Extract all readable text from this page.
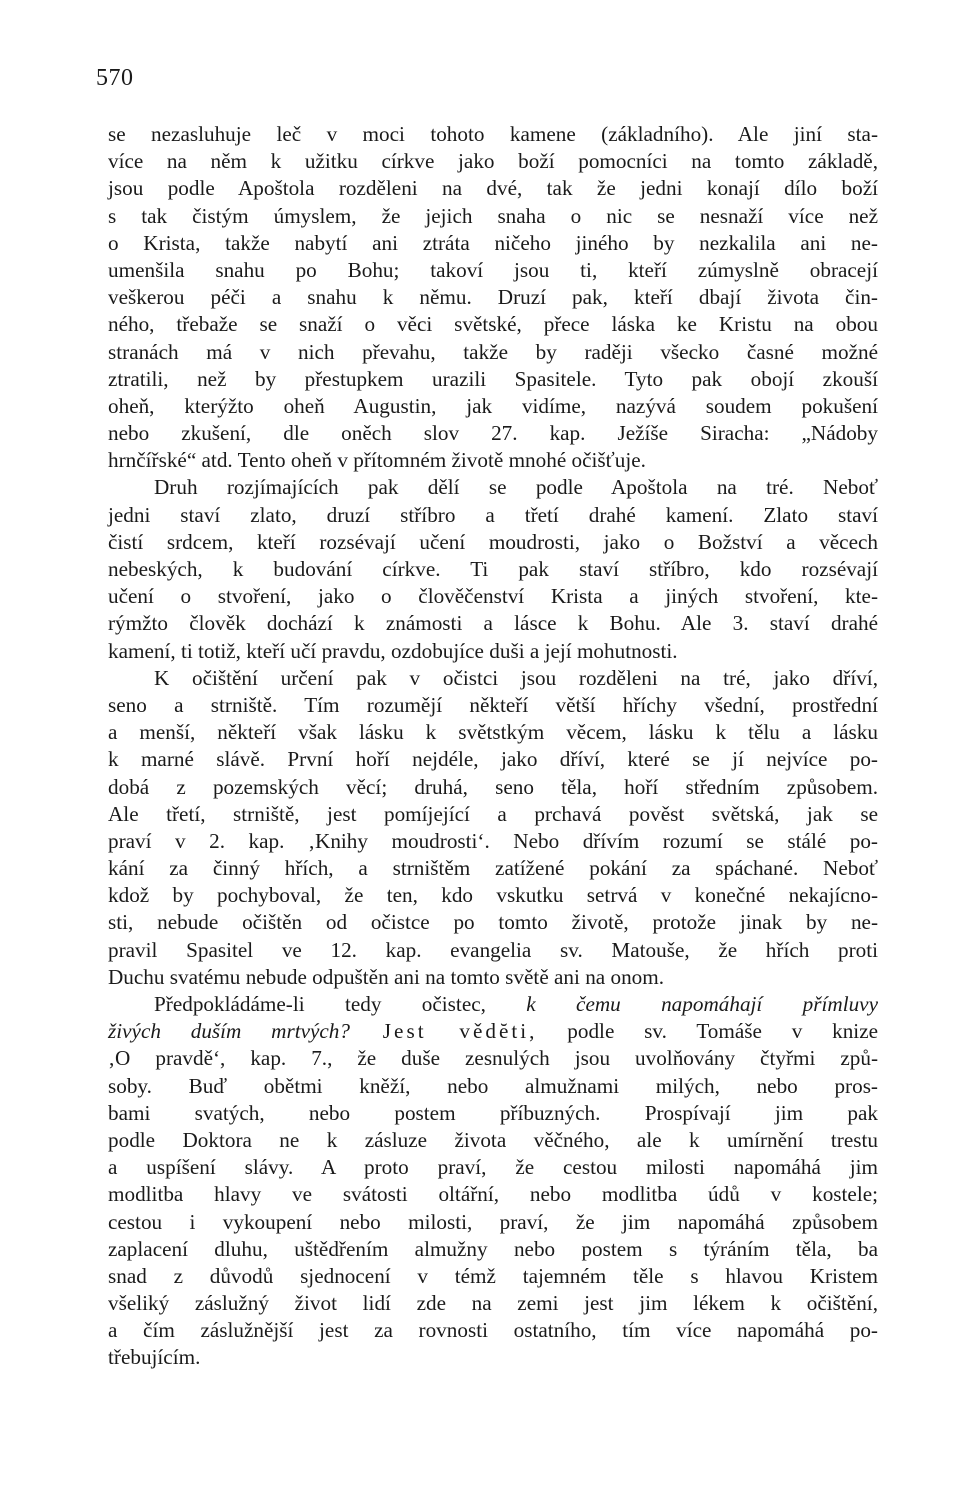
570
se nezasluhuje leč v moci tohoto kamene (základního). Ale jiní sta-
více na něm k užitku církve jako boží pomocníci na tomto základě,
jsou podle Apoštola rozděleni na dvé, tak že jedni konají dílo boží
s tak čistým úmyslem, že jejich snaha o nic se nesnaží více než
o Krista, takže nabytí ani ztráta ničeho jiného by nezkalila ani ne-
umenšila snahu po Bohu; takoví jsou ti, kteří zúmyslně obracejí
veškerou péči a snahu k němu. Druzí pak, kteří dbají života čin-
ného, třebaže se snaží o věci světské, přece láska ke Kristu na obou
stranách má v nich převahu, takže by raději všecko časné možné
ztratili, než by přestupkem urazili Spasitele. Tyto pak obojí zkouší
oheň, kterýžto oheň Augustin, jak vidíme, nazývá soudem pokušení
nebo zkušení, dle oněch slov 27. kap. Ježíše Siracha: „Nádoby
hrnčířské“ atd. Tento oheň v přítomném životě mnohé očišťuje.
Druh rozjímajících pak dělí se podle Apoštola na tré. Neboť
jedni staví zlato, druzí stříbro a třetí drahé kamení. Zlato staví
čistí srdcem, kteří rozsévají učení moudrosti, jako o Božství a věcech
nebeských, k budování církve. Ti pak staví stříbro, kdo rozsévají
učení o stvoření, jako o člověčenství Krista a jiných stvoření, kte-
rýmžto člověk dochází k známosti a lásce k Bohu. Ale 3. staví drahé
kamení, ti totiž, kteří učí pravdu, ozdobujíce duši a její mohutnosti.
K očištění určení pak v očistci jsou rozděleni na tré, jako dříví,
seno a strniště. Tím rozumějí někteří větší hříchy všední, prostřední
a menší, někteří však lásku k světstkým věcem, lásku k tělu a lásku
k marné slávě. První hoří nejdéle, jako dříví, které se jí nejvíce po-
dobá z pozemských věcí; druhá, seno těla, hoří středním způsobem.
Ale třetí, strniště, jest pomíjející a prchavá pověst světská, jak se
praví v 2. kap. ‚Knihy moudrosti‘. Nebo dřívím rozumí se stálé po-
kání za činný hřích, a strništěm zatížené pokání za spáchané. Neboť
kdož by pochyboval, že ten, kdo vskutku setrvá v konečné nekajícno-
sti, nebude očištěn od očistce po tomto životě, protože jinak by ne-
pravil Spasitel ve 12. kap. evangelia sv. Matouše, že hřích proti
Duchu svatému nebude odpuštěn ani na tomto světě ani na onom.
Předpokládáme-li tedy očistec, k čemu napomáhají přímluvy
živých duším mrtvých? Jest vědĕti, podle sv. Tomáše v knize
‚O pravdě‘, kap. 7., že duše zesnulých jsou uvolňovány čtyřmi způ-
soby. Buď obětmi kněží, nebo almužnami milých, nebo pros-
bami svatých, nebo postem příbuzných. Prospívají jim pak
podle Doktora ne k zásluze života věčného, ale k umírnění trestu
a uspíšení slávy. A proto praví, že cestou milosti napomáhá jim
modlitba hlavy ve svátosti oltářní, nebo modlitba údů v kostele;
cestou i vykoupení nebo milosti, praví, že jim napomáhá způsobem
zaplacení dluhu, uštědřením almužny nebo postem s týráním těla, ba
snad z důvodů sjednocení v témž tajemném těle s hlavou Kristem
všeliký záslužný život lidí zde na zemi jest jim lékem k očištění,
a čím záslužnější jest za rovnosti ostatního, tím více napomáhá po-
třebujícím.
